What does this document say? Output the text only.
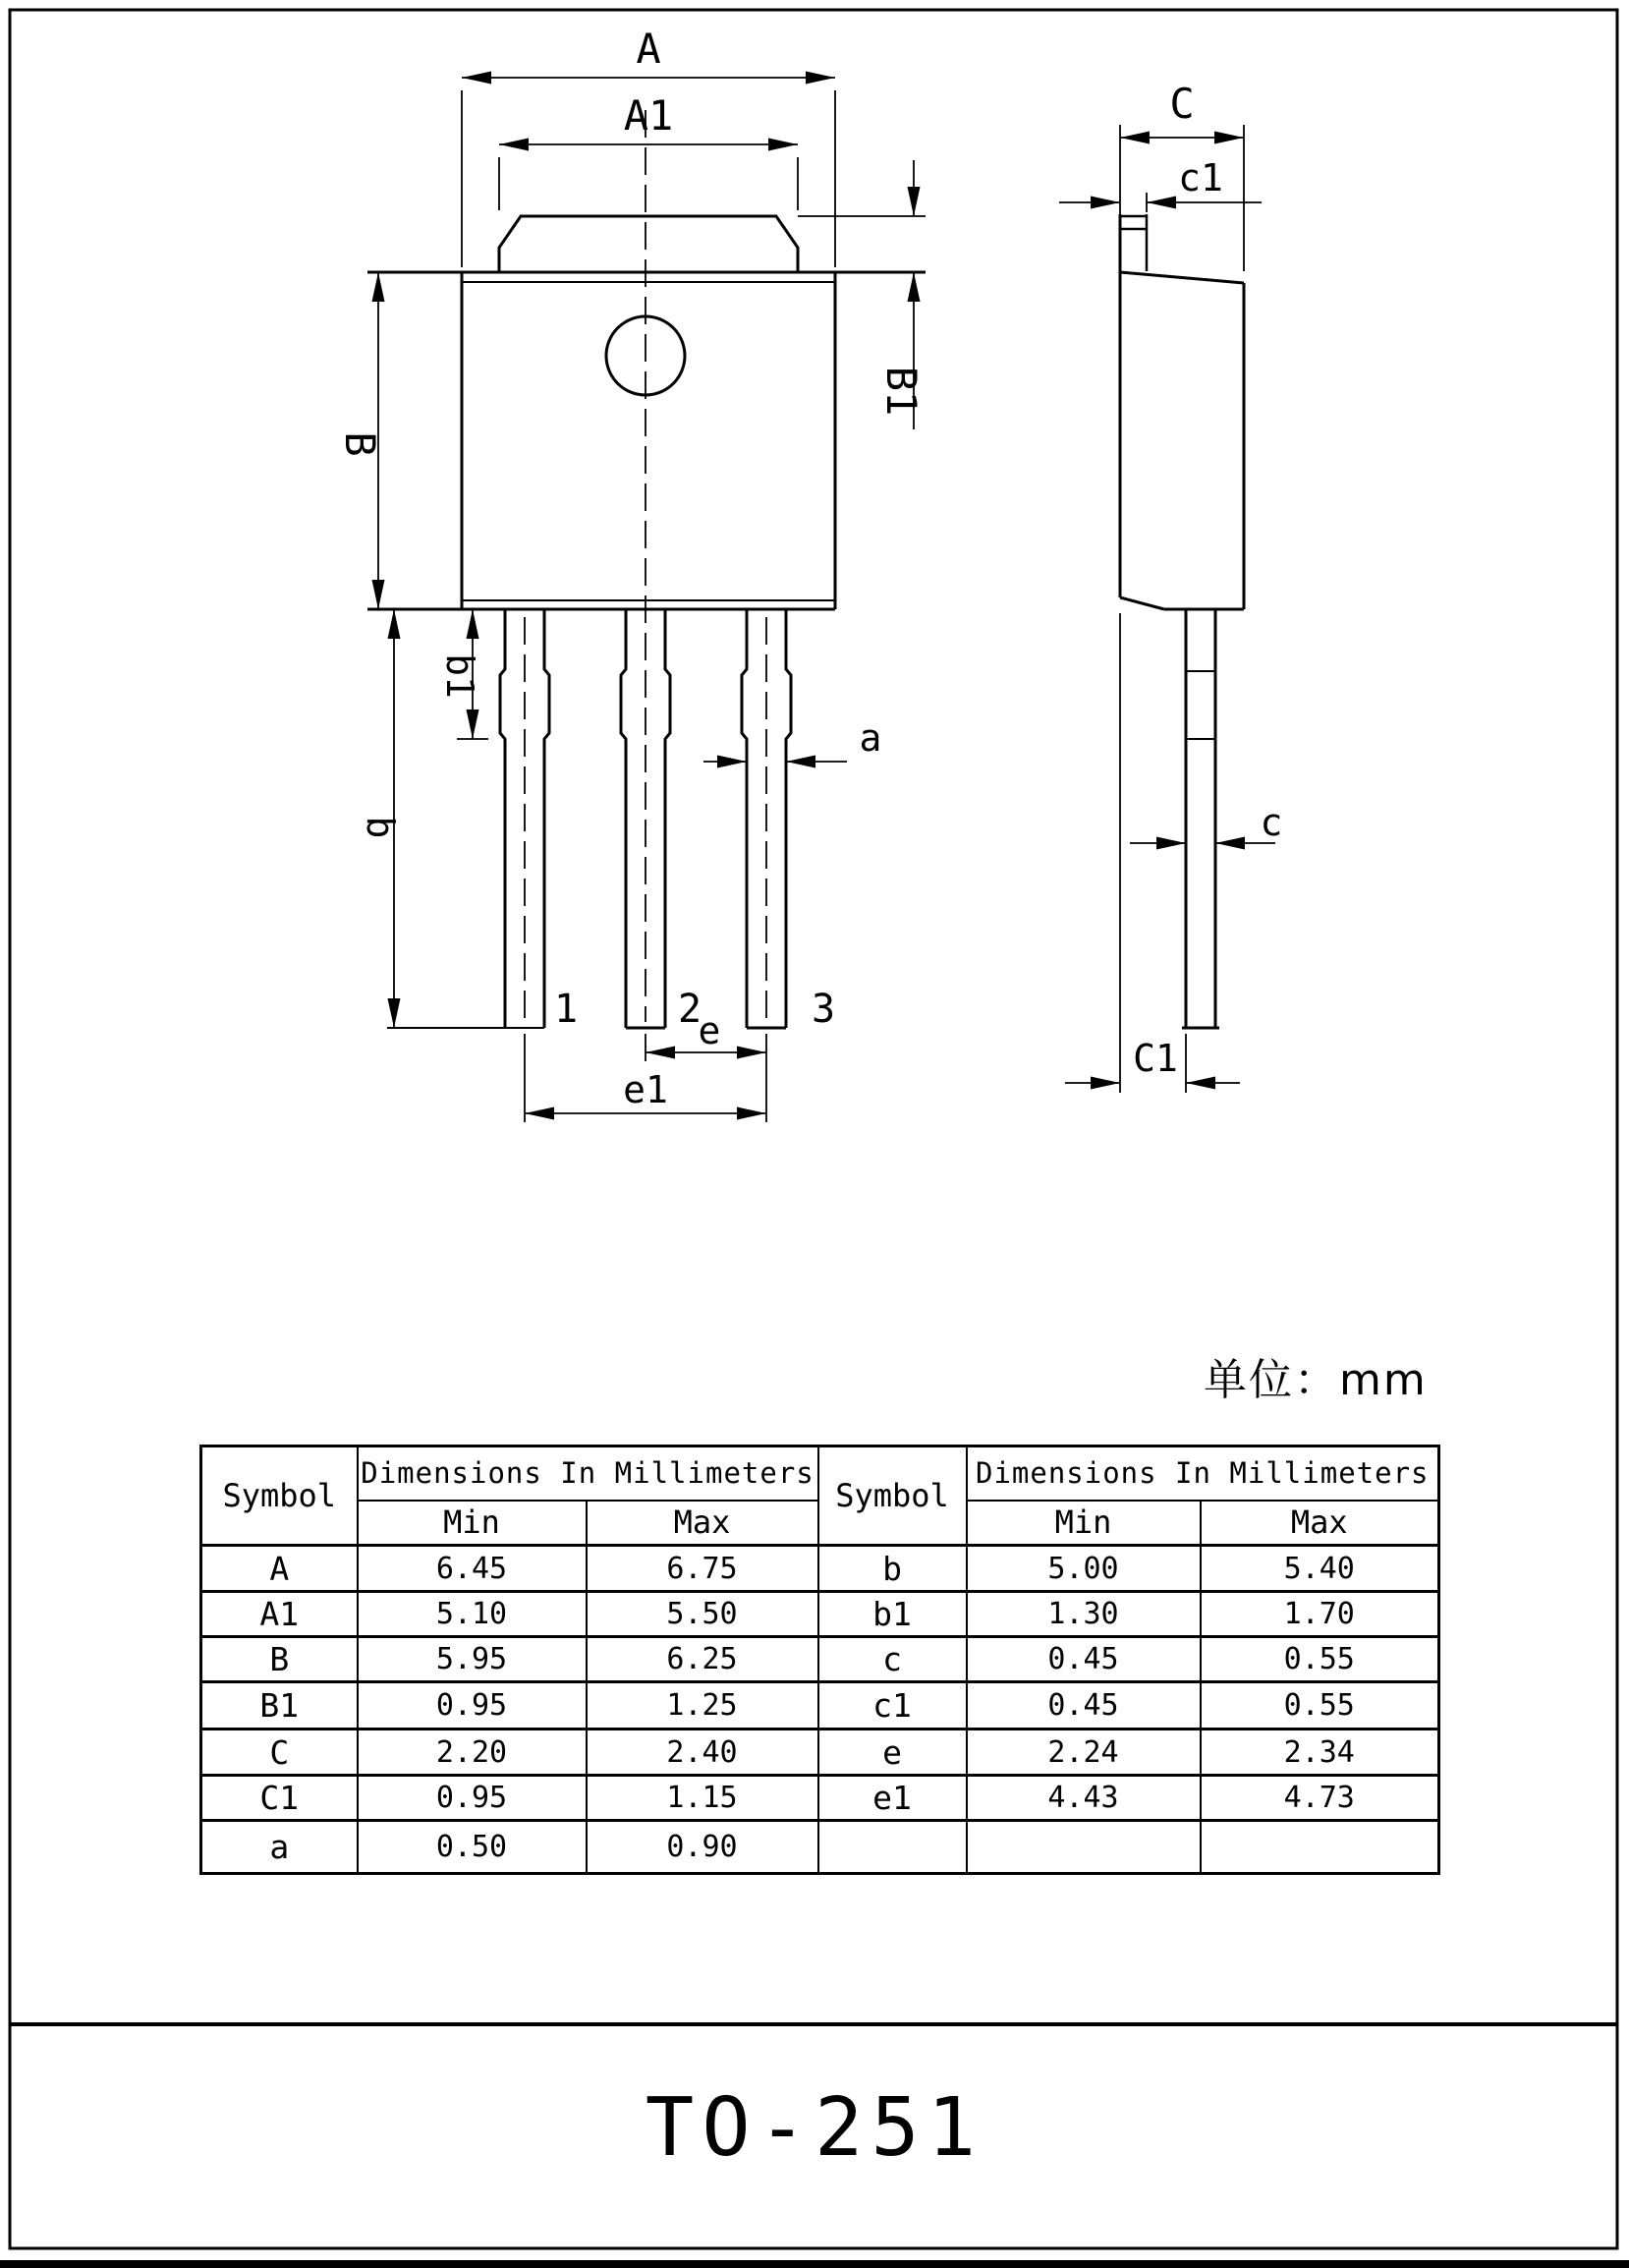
A
A1
B1
B
b1
b
a
1	2	3
e
e1
C
c1
c
C1
单位：mm
Symbol	Dimensions In Millimeters		Symbol	Dimensions In Millimeters	
	Min	Max		Min	Max
A	6.45	6.75	b	5.00	5.40
A1	5.10	5.50	b1	1.30	1.70
B	5.95	6.25	c	0.45	0.55
B1	0.95	1.25	c1	0.45	0.55
C	2.20	2.40	e	2.24	2.34
C1	0.95	1.15	e1	4.43	4.73
a	0.50	0.90			
TO-251
